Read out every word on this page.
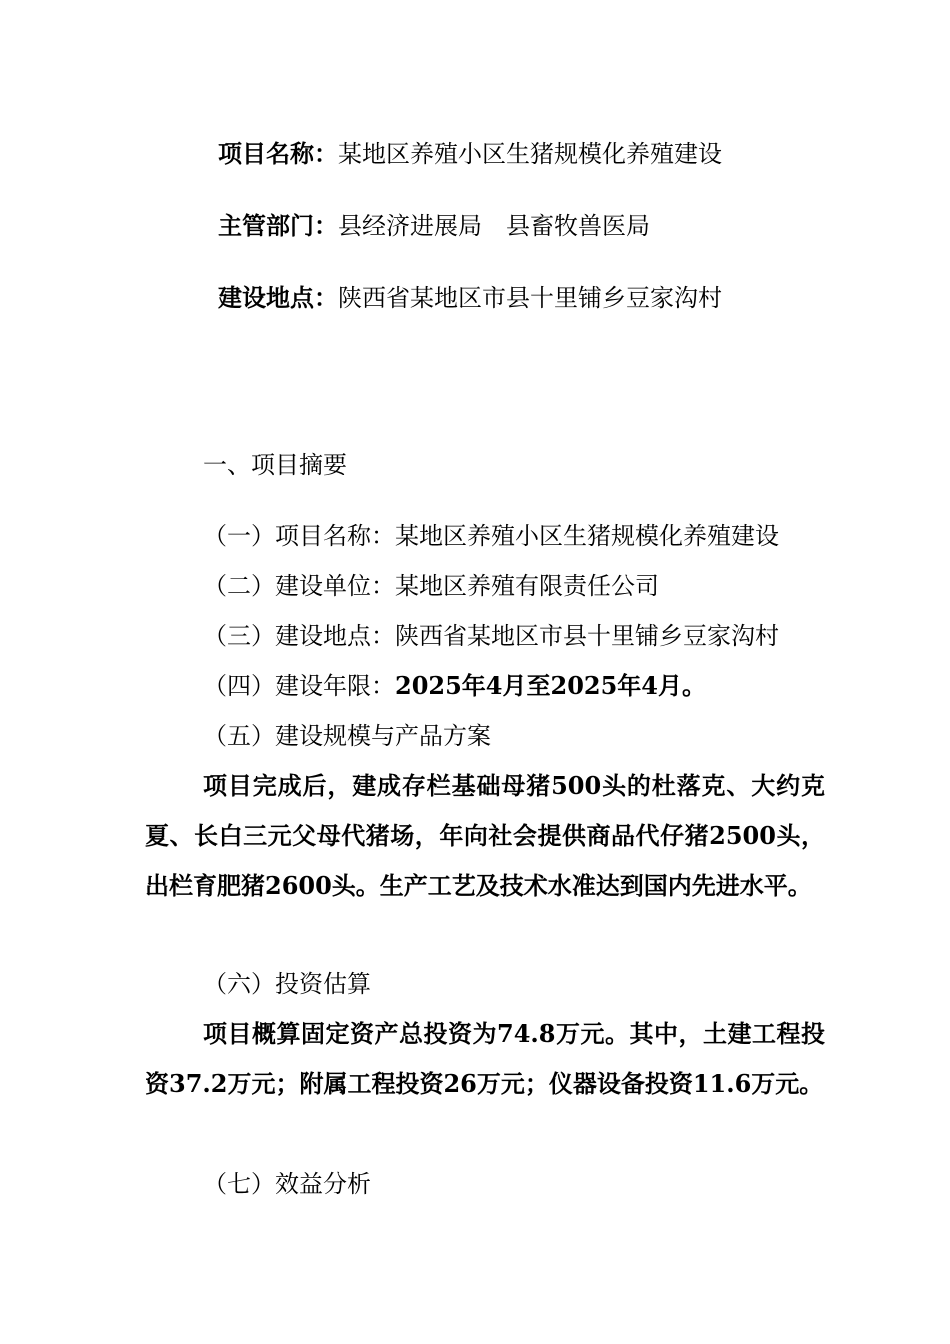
项目名称：某地区养殖小区生猪规模化养殖建设
主管部门：县经济进展局　县畜牧兽医局
建设地点：陕西省某地区市县十里铺乡豆家沟村
一、项目摘要
（一）项目名称：某地区养殖小区生猪规模化养殖建设
（二）建设单位：某地区养殖有限责任公司
（三）建设地点：陕西省某地区市县十里铺乡豆家沟村
（四）建设年限：2025年4月至2025年4月。
（五）建设规模与产品方案

项目完成后，建成存栏基础母猪500头的杜落克、大约克夏、长白三元父母代猪场，年向社会提供商品代仔猪2500头，出栏育肥猪2600头。生产工艺及技术水准达到国内先进水平。

（六）投资估算

项目概算固定资产总投资为74.8万元。其中，土建工程投资37.2万元；附属工程投资26万元；仪器设备投资11.6万元。

（七）效益分析
